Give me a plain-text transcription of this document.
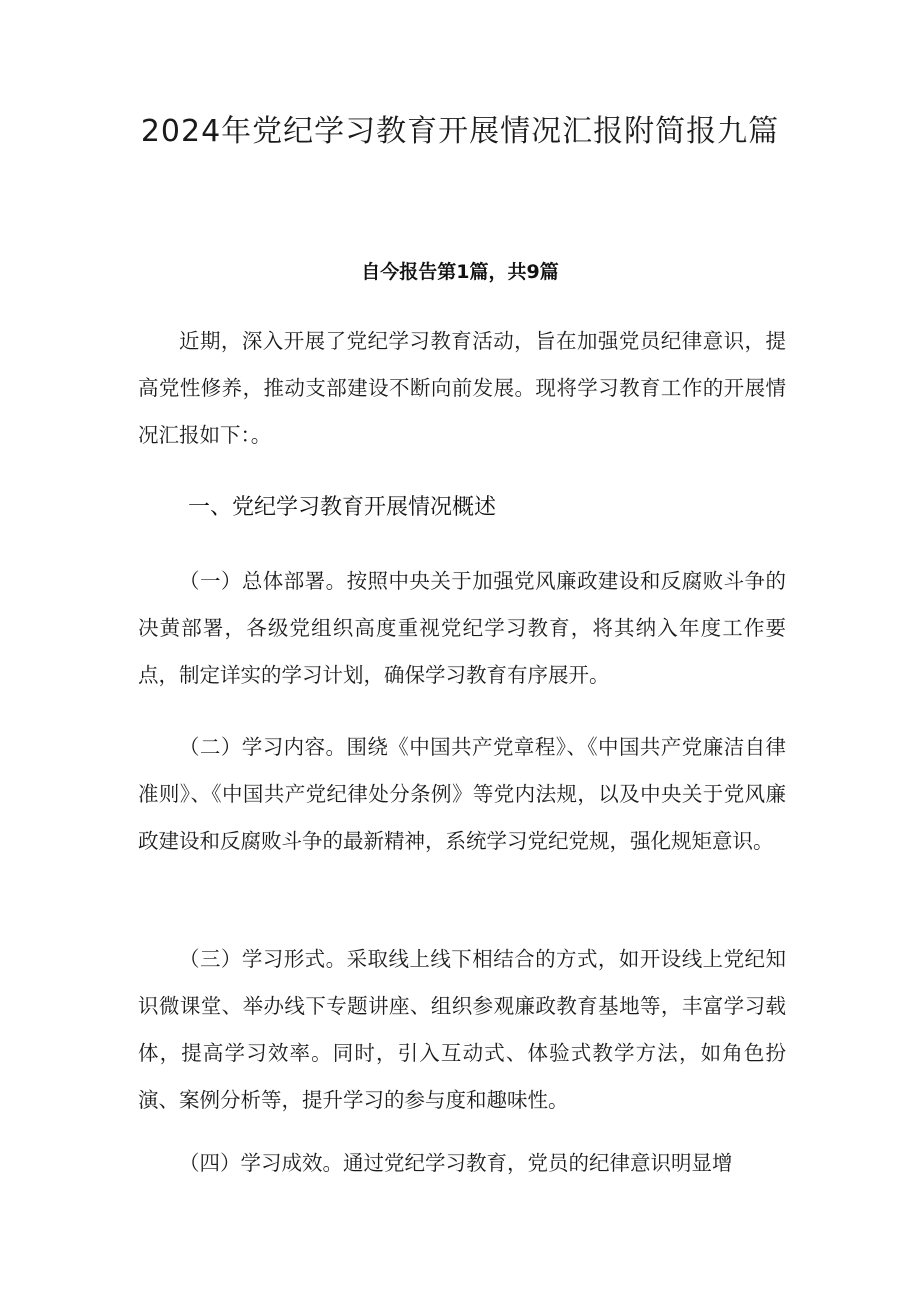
2024年党纪学习教育开展情况汇报附简报九篇
自今报告第1篇，共9篇
近期，深入开展了党纪学习教育活动，旨在加强党员纪律意识，提高党性修养，推动支部建设不断向前发展。现将学习教育工作的开展情况汇报如下：。
一、党纪学习教育开展情况概述
（一）总体部署。按照中央关于加强党风廉政建设和反腐败斗争的决黄部署，各级党组织高度重视党纪学习教育，将其纳入年度工作要点，制定详实的学习计划，确保学习教育有序展开。
（二）学习内容。围绕《中国共产党章程》、《中国共产党廉洁自律准则》、《中国共产党纪律处分条例》等党内法规，以及中央关于党风廉政建设和反腐败斗争的最新精神，系统学习党纪党规，强化规矩意识。
（三）学习形式。采取线上线下相结合的方式，如开设线上党纪知识微课堂、举办线下专题讲座、组织参观廉政教育基地等，丰富学习载体，提高学习效率。同时，引入互动式、体验式教学方法，如角色扮演、案例分析等，提升学习的参与度和趣味性。
（四）学习成效。通过党纪学习教育，党员的纪律意识明显增
